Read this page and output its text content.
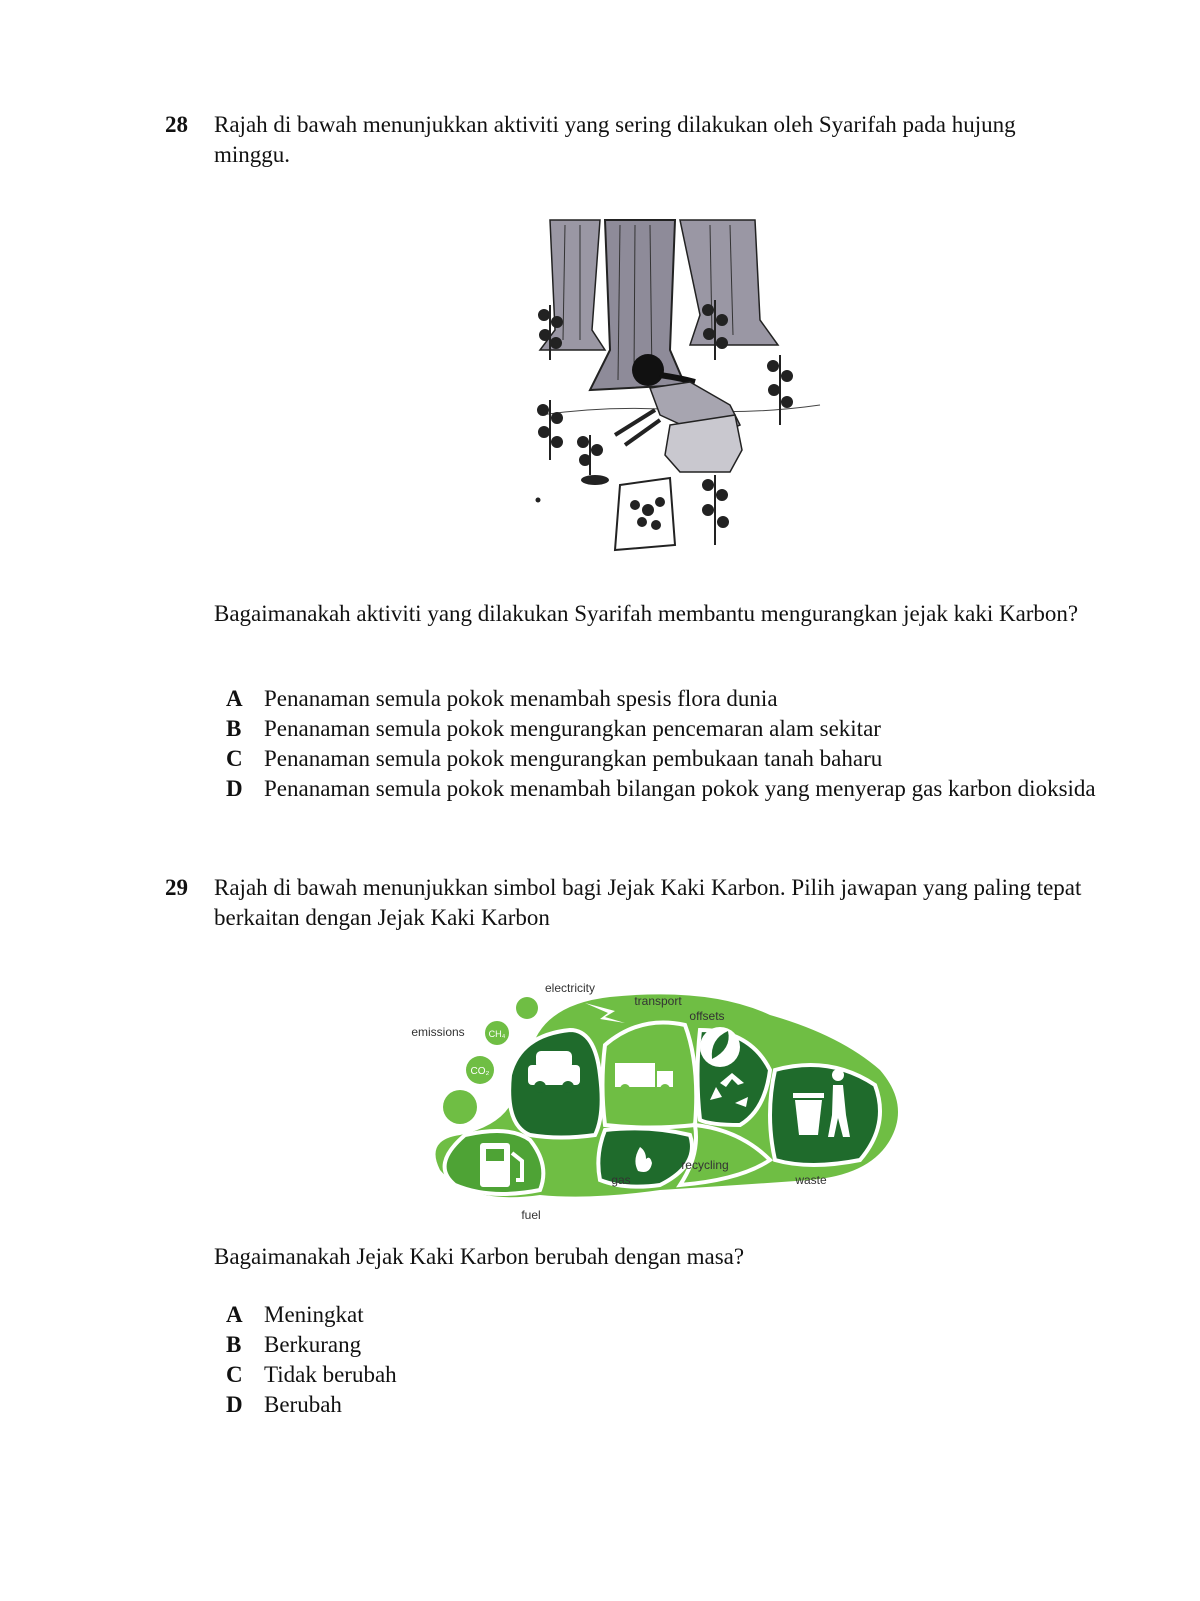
28 Rajah di bawah menunjukkan aktiviti yang sering dilakukan oleh Syarifah pada hujung minggu.
Bagaimanakah aktiviti yang dilakukan Syarifah membantu mengurangkan jejak kaki Karbon?
A Penanaman semula pokok menambah spesis flora dunia
B Penanaman semula pokok mengurangkan pencemaran alam sekitar
C Penanaman semula pokok mengurangkan pembukaan tanah baharu
D Penanaman semula pokok menambah bilangan pokok yang menyerap gas karbon dioksida
29 Rajah di bawah menunjukkan simbol bagi Jejak Kaki Karbon. Pilih jawapan yang paling tepat berkaitan dengan Jejak Kaki Karbon
CH₄
CO₂
electricity
transport
offsets
emissions
recycling
gas	waste
fuel
Bagaimanakah Jejak Kaki Karbon berubah dengan masa?
A Meningkat
B Berkurang
C Tidak berubah
D Berubah
